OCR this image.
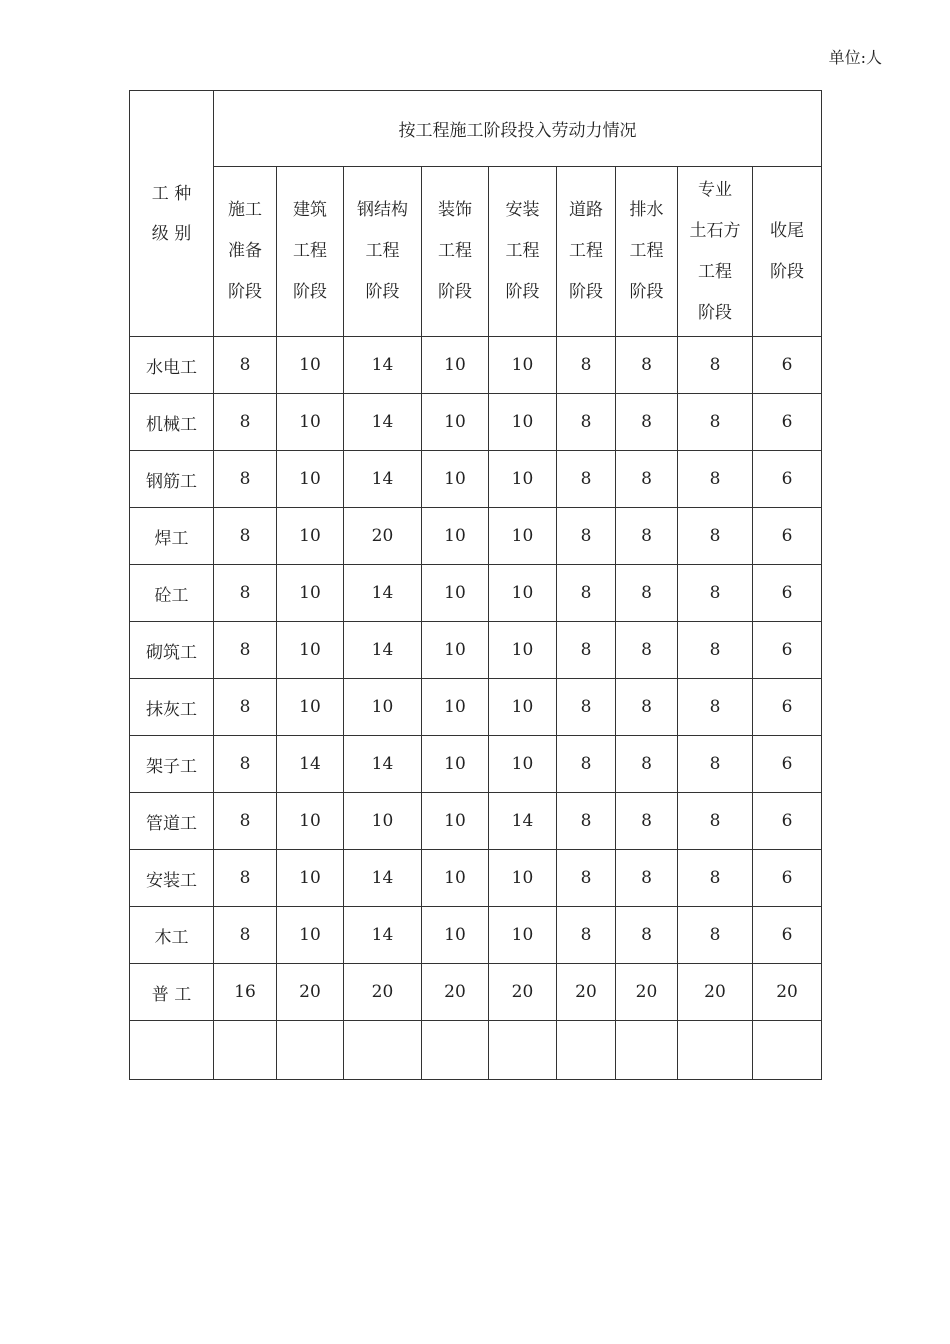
单位:人
工 种
级 别	按工程施工阶段投入劳动力情况								

	施工
准备
阶段	建筑
工程
阶段	钢结构
工程
阶段	装饰
工程
阶段	安装
工程
阶段	道路
工程
阶段	排水
工程
阶段	专业
土石方
工程
阶段	收尾
阶段

水电工	8	10	14	10	10	8	8	8	6
机械工	8	10	14	10	10	8	8	8	6
钢筋工	8	10	14	10	10	8	8	8	6
焊工	8	10	20	10	10	8	8	8	6
砼工	8	10	14	10	10	8	8	8	6
砌筑工	8	10	14	10	10	8	8	8	6
抹灰工	8	10	10	10	10	8	8	8	6
架子工	8	14	14	10	10	8	8	8	6
管道工	8	10	10	10	14	8	8	8	6
安装工	8	10	14	10	10	8	8	8	6
木工	8	10	14	10	10	8	8	8	6
普 工	16	20	20	20	20	20	20	20	20
